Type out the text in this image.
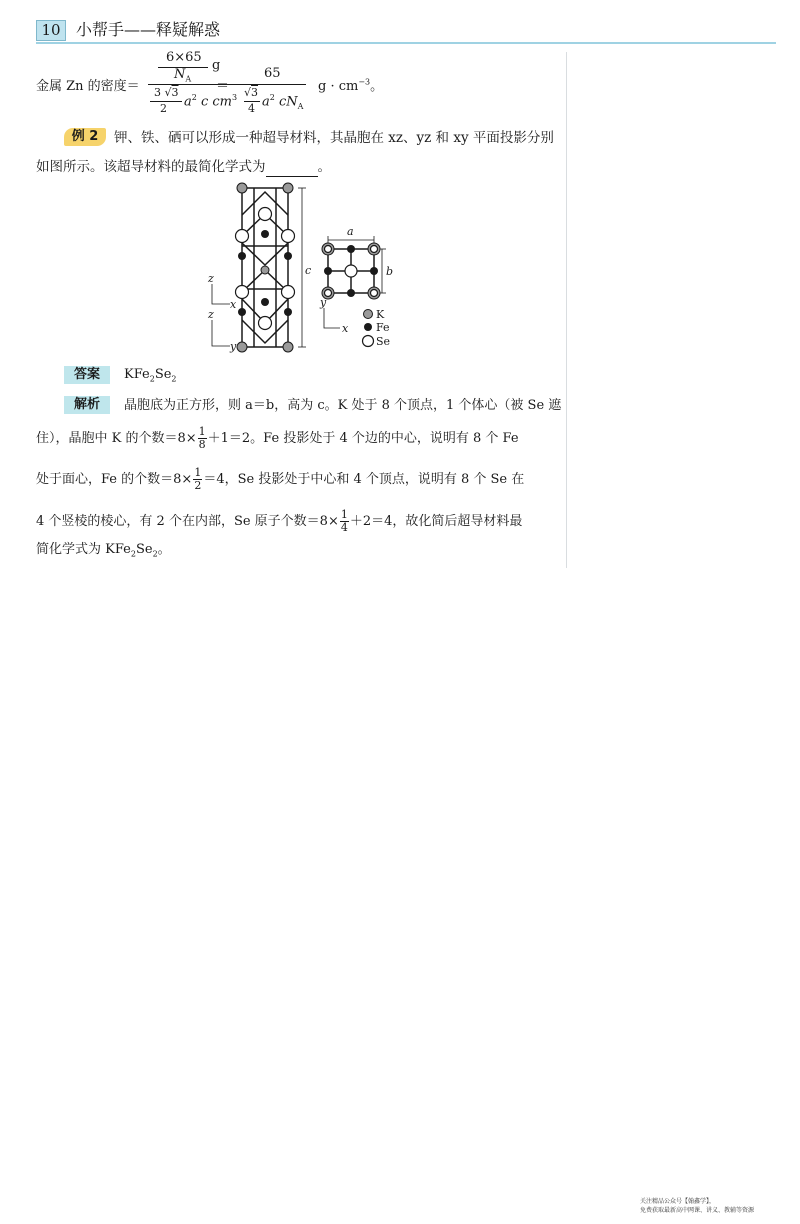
10 小帮手——释疑解惑
金属 Zn 的密度＝
6×65
$N_A$
g
3 √3
2 $a^2$ c $cm^3$
＝
65
√3
4 $a^2$ $cN_A$
$g \cdot cm^{-3}$。
例 2	钾、铁、硒可以形成一种超导材料，其晶胞在 xz、yz 和 xy 平面投影分别
如图所示。该超导材料的最简化学式为	。
c
a
b
z
x
z
y
y
x
K
Fe
Se
答案	$KFe_2Se_2$
解析	晶胞底为正方形，则 a＝b，高为 c。K 处于 8 个顶点，1 个体心（被 Se 遮
住），晶胞中 K 的个数$=8\times \frac{1}{8} +1=2$。Fe 投影处于 4 个边的中心，说明有 8 个 Fe
处于面心，Fe 的个数$=8\times \frac{1}{2} =4$，Se 投影处于中心和 4 个顶点，说明有 8 个 Se 在
4 个竖棱的棱心，有 2 个在内部，Se 原子个数$=8\times \frac{1}{4} +2=4$，故化简后超导材料最
简化学式为 $KFe_2Se_2$。
关注精品公众号【翰鑫学】，
免费获取最新高中网课、讲义、教辅等资源
